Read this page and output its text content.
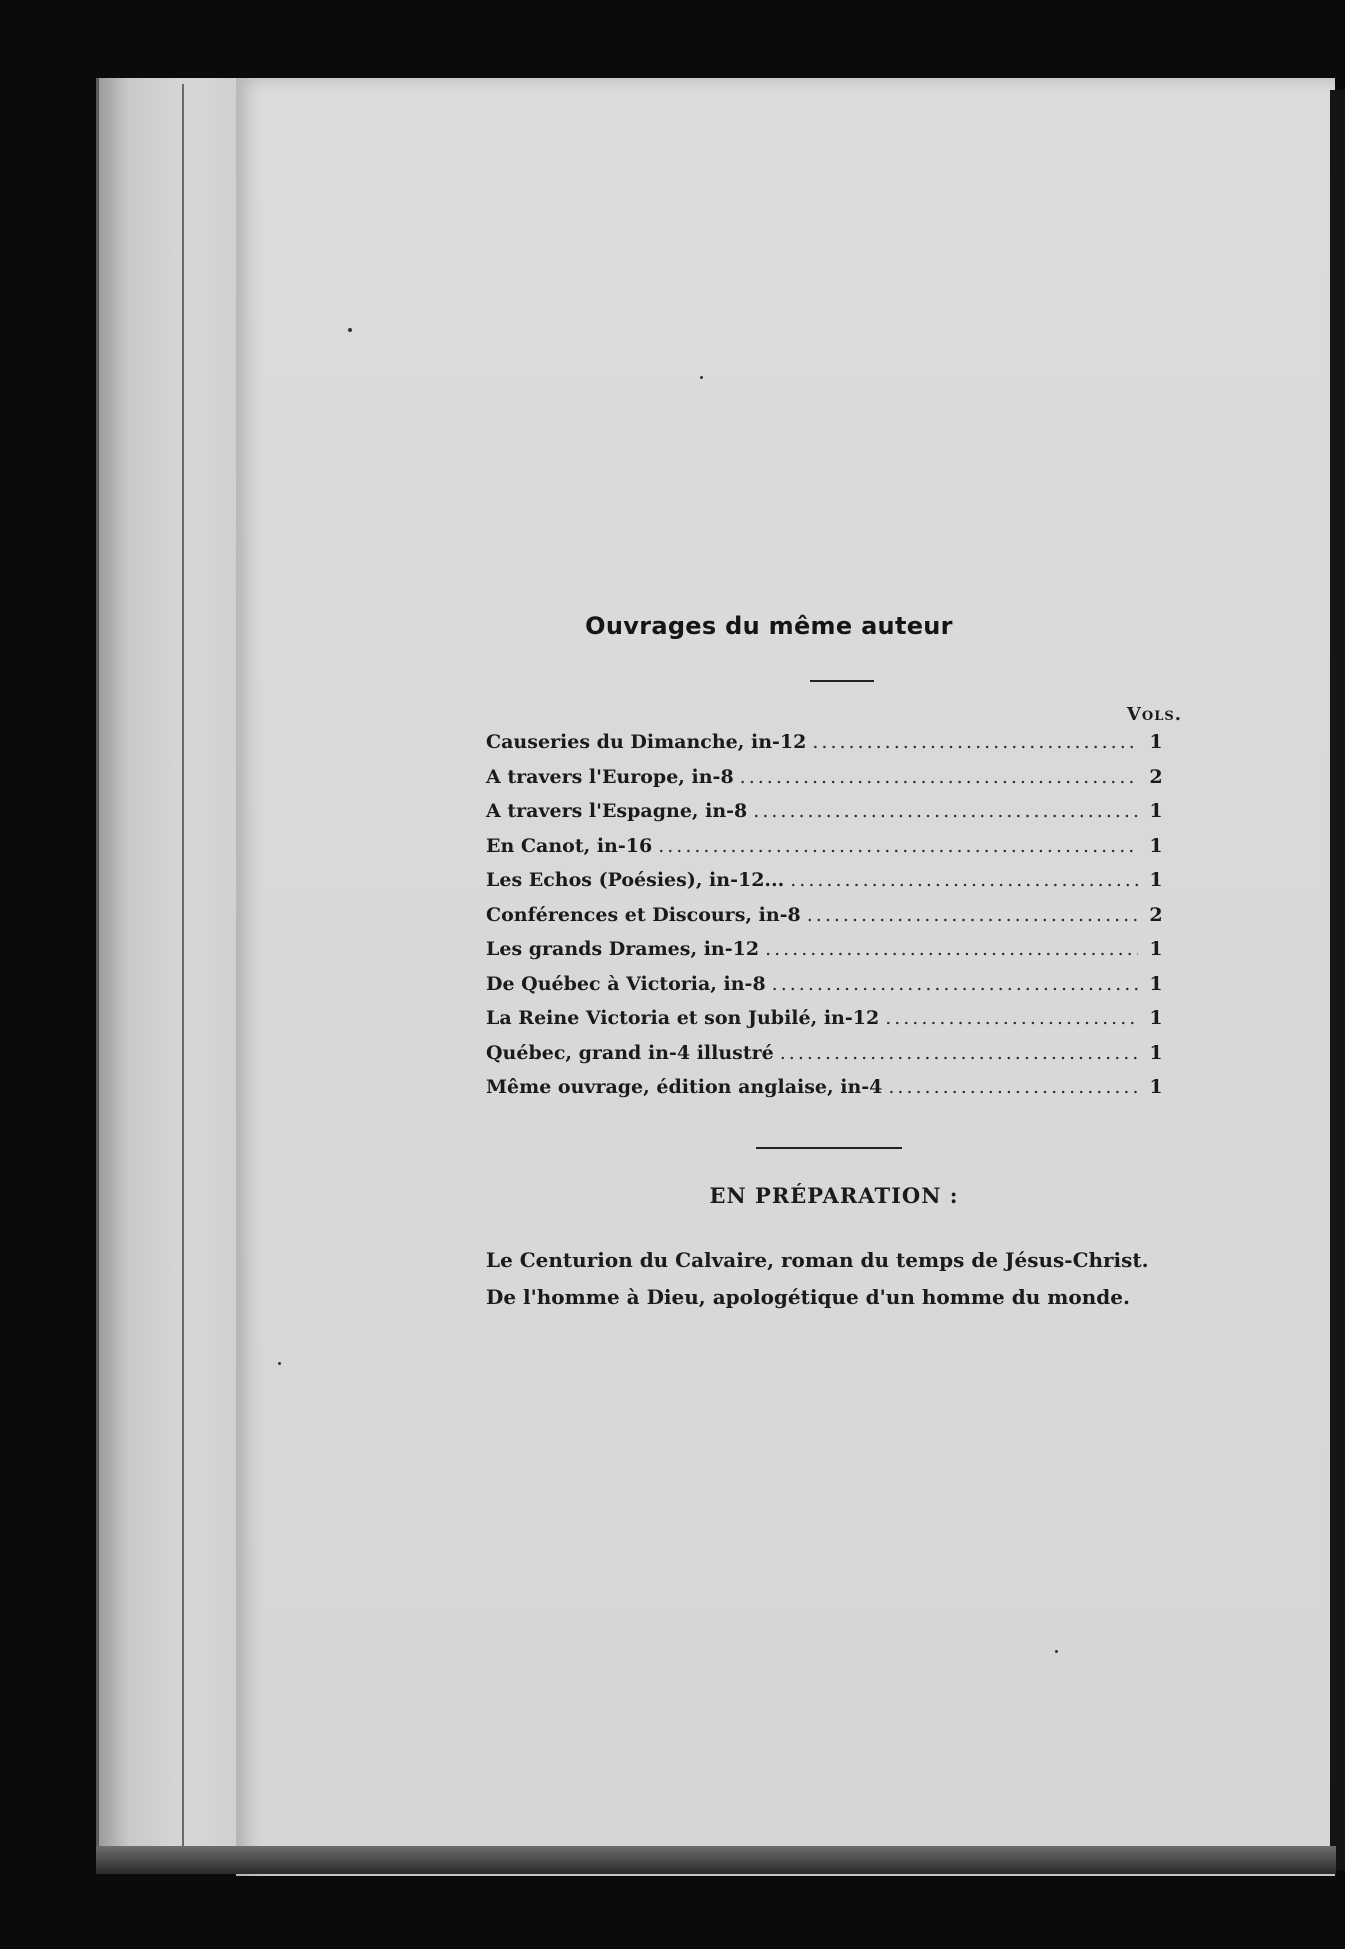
Ouvrages du même auteur
Vols.
Causeries du Dimanche, in-12 .....	1
A travers l'Europe, in-8 .....	2
A travers l'Espagne, in-8 .....	1
En Canot, in-16 .....	1
Les Echos (Poésies), in-12... .....	1
Conférences et Discours, in-8 .....	2
Les grands Drames, in-12 .....	1
De Québec à Victoria, in-8 .....	1
La Reine Victoria et son Jubilé, in-12 .....	1
Québec, grand in-4 illustré .....	1
Même ouvrage, édition anglaise, in-4 .....	1
EN PRÉPARATION :
Le Centurion du Calvaire, roman du temps de Jésus-Christ.
De l'homme à Dieu, apologétique d'un homme du monde.
